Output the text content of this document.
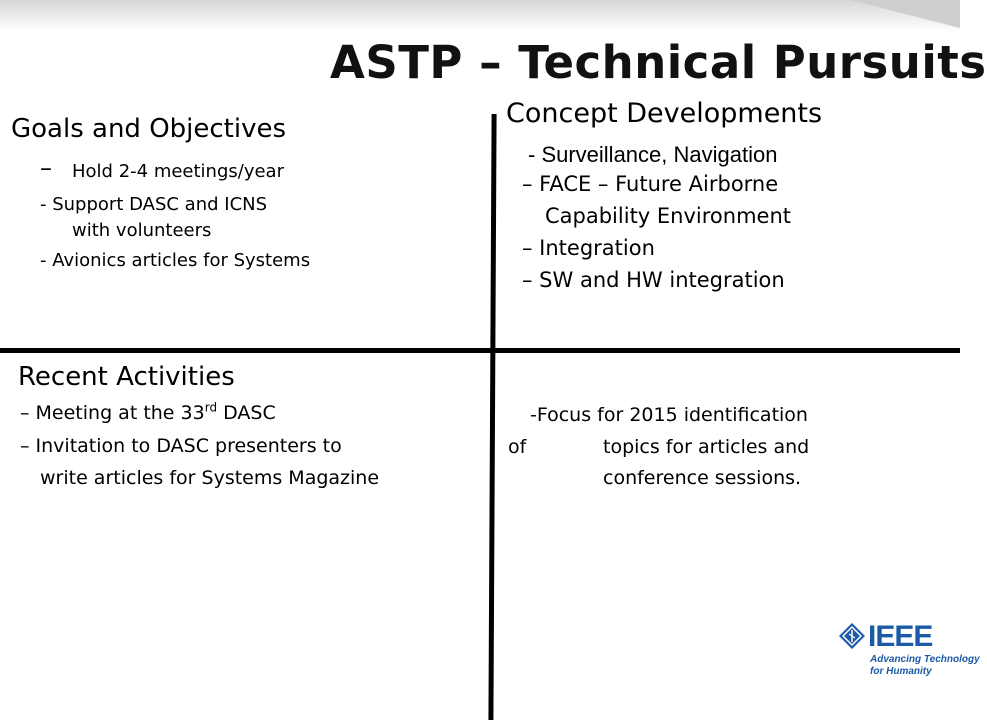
ASTP – Technical Pursuits
Goals and Objectives
– Hold 2-4 meetings/year
- Support DASC and ICNS
with volunteers
- Avionics articles for Systems
Concept Developments
- Surveillance, Navigation
– FACE – Future Airborne
Capability Environment
– Integration
– SW and HW integration
Recent Activities
– Meeting at the 33rd DASC
– Invitation to DASC presenters to
write articles for Systems Magazine
-Focus for 2015 identification
of	topics for articles and
conference sessions.
IEEE
Advancing Technology
for Humanity
